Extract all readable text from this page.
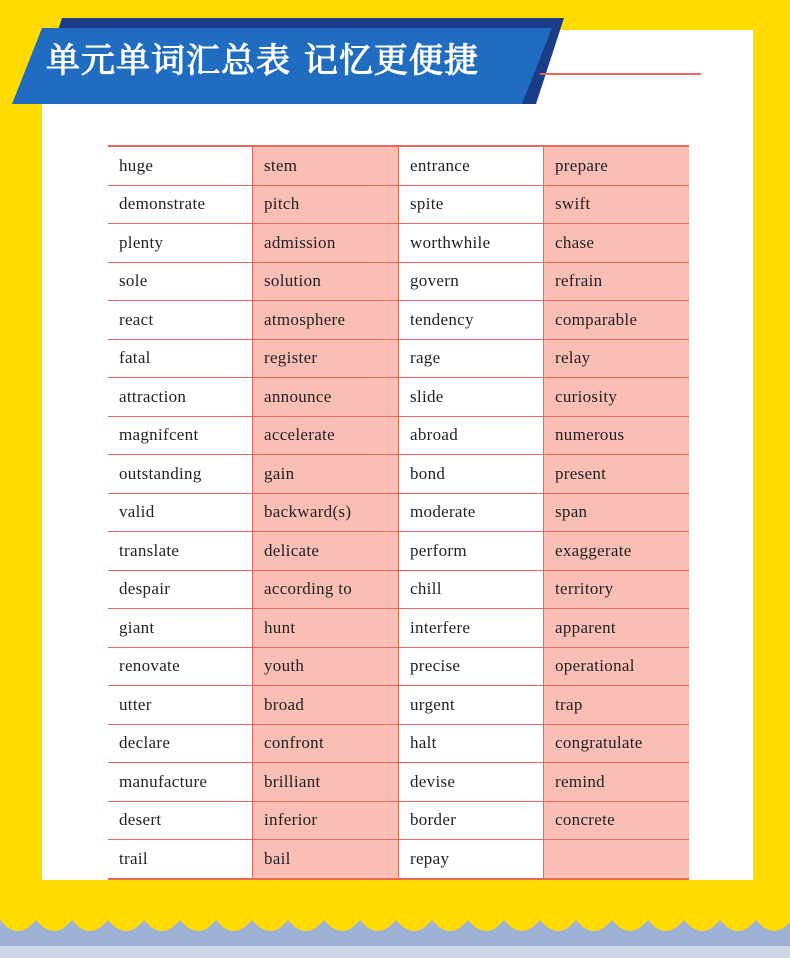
单元单词汇总表 记忆更便捷
huge	stem	entrance	prepare
demonstrate	pitch	spite	swift
plenty	admission	worthwhile	chase
sole	solution	govern	refrain
react	atmosphere	tendency	comparable
fatal	register	rage	relay
attraction	announce	slide	curiosity
magnifcent	accelerate	abroad	numerous
outstanding	gain	bond	present
valid	backward(s)	moderate	span
translate	delicate	perform	exaggerate
despair	according to	chill	territory
giant	hunt	interfere	apparent
renovate	youth	precise	operational
utter	broad	urgent	trap
declare	confront	halt	congratulate
manufacture	brilliant	devise	remind
desert	inferior	border	concrete
trail	bail	repay	
